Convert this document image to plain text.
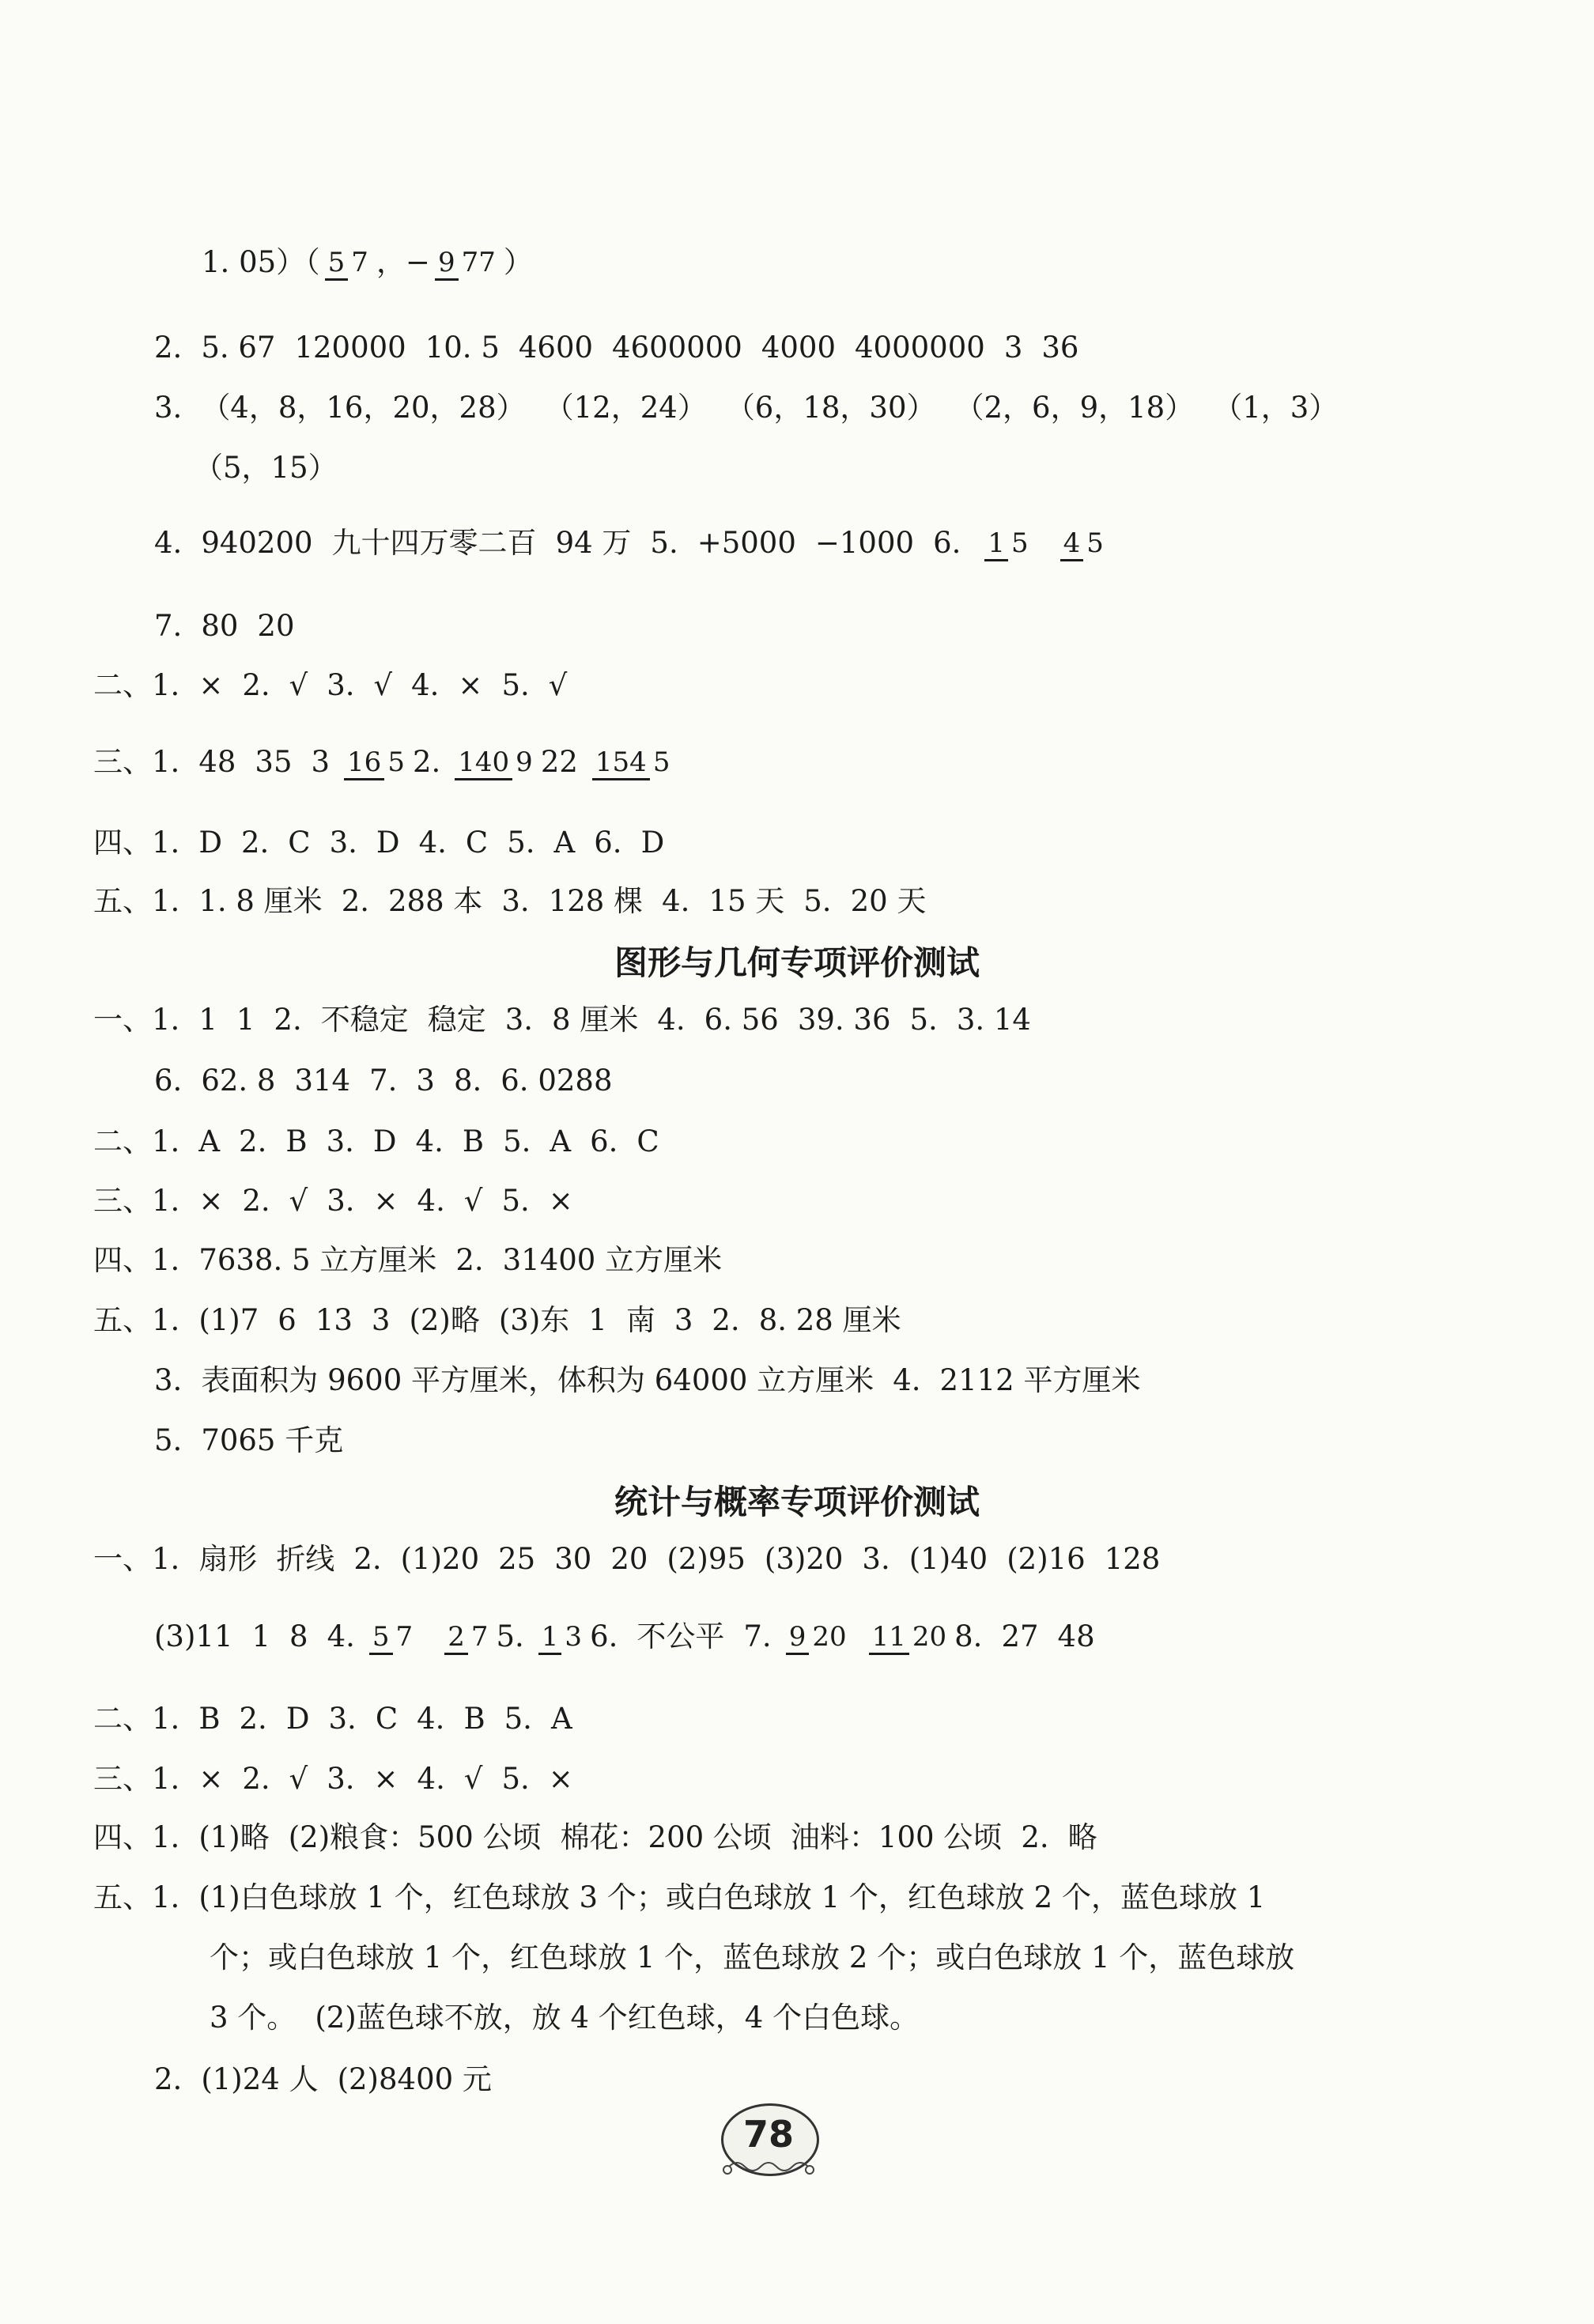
1. 05）（ 5 7 ，− 9 77 ）
2. 5. 67 120000 10. 5 4600 4600000 4000 4000000 3 36
3. （4，8，16，20，28） （12，24） （6，18，30） （2，6，9，18） （1，3）
（5，15）
4. 940200 九十四万零二百 94 万 5. +5000 −1000 6. 1 5 4 5
7. 80 20
二、1. × 2. √ 3. √ 4. × 5. √
三、1. 48 35 3 16 5 2. 140 9 22 154 5
四、1. D 2. C 3. D 4. C 5. A 6. D
五、1. 1. 8 厘米 2. 288 本 3. 128 棵 4. 15 天 5. 20 天
一、1. 1 1 2. 不稳定 稳定 3. 8 厘米 4. 6. 56 39. 36 5. 3. 14
6. 62. 8 314 7. 3 8. 6. 0288
二、1. A 2. B 3. D 4. B 5. A 6. C
三、1. × 2. √ 3. × 4. √ 5. ×
四、1. 7638. 5 立方厘米 2. 31400 立方厘米
五、1. (1)7 6 13 3 (2)略 (3)东 1 南 3 2. 8. 28 厘米
3. 表面积为 9600 平方厘米，体积为 64000 立方厘米 4. 2112 平方厘米
5. 7065 千克
一、1. 扇形 折线 2. (1)20 25 30 20 (2)95 (3)20 3. (1)40 (2)16 128
(3)11 1 8 4. 5 7 2 7 5. 1 3 6. 不公平 7. 9 20 11 20 8. 27 48
二、1. B 2. D 3. C 4. B 5. A
三、1. × 2. √ 3. × 4. √ 5. ×
四、1. (1)略 (2)粮食：500 公顷 棉花：200 公顷 油料：100 公顷 2. 略
五、1. (1)白色球放 1 个，红色球放 3 个；或白色球放 1 个，红色球放 2 个，蓝色球放 1
个；或白色球放 1 个，红色球放 1 个，蓝色球放 2 个；或白色球放 1 个，蓝色球放
3 个。 (2)蓝色球不放，放 4 个红色球，4 个白色球。
2. (1)24 人 (2)8400 元
图形与几何专项评价测试
统计与概率专项评价测试
78
